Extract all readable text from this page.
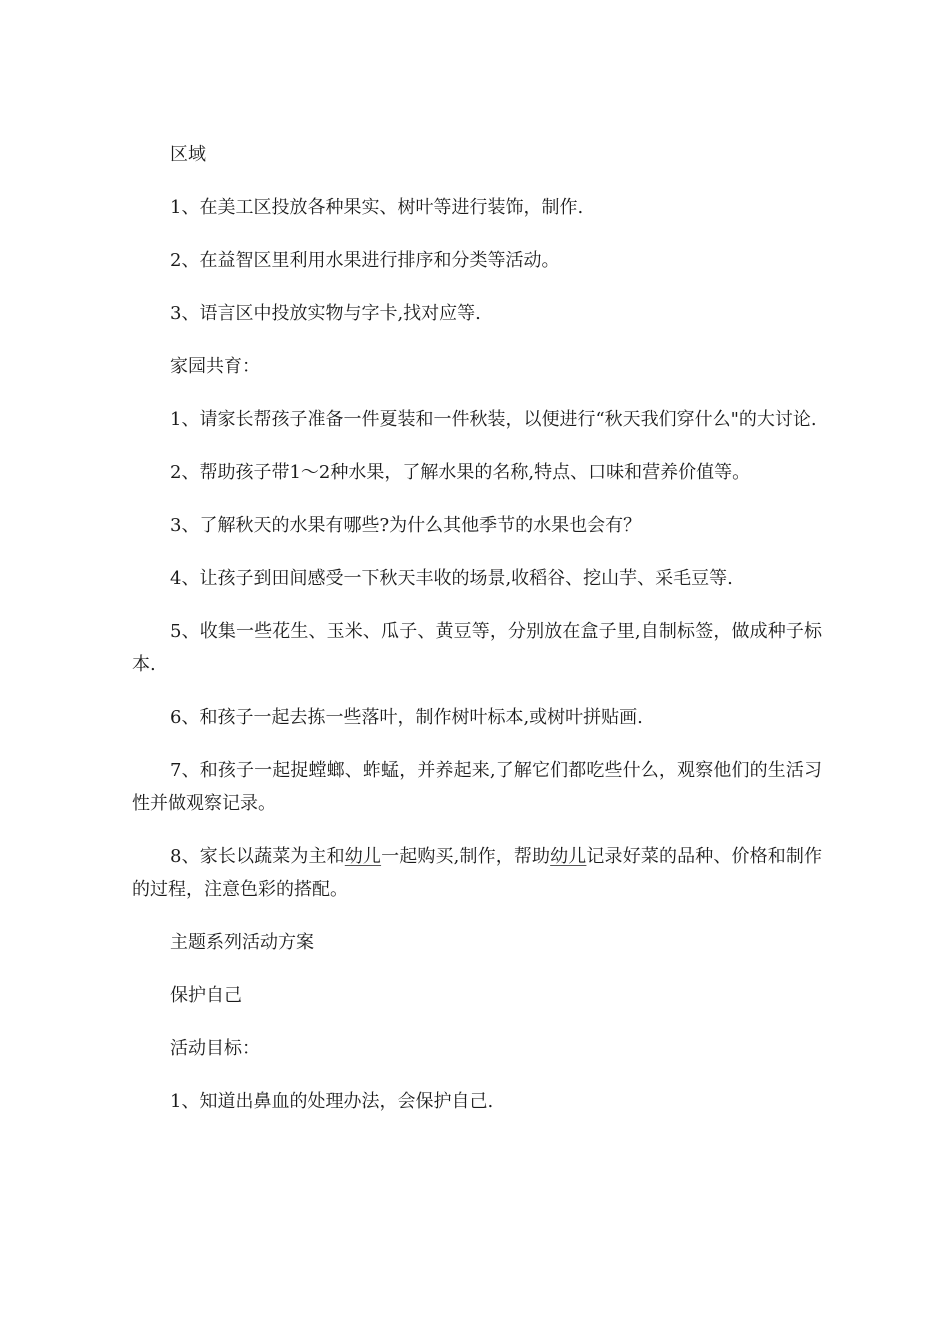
区域

1、在美工区投放各种果实、树叶等进行装饰，制作.

2、在益智区里利用水果进行排序和分类等活动。

3、语言区中投放实物与字卡,找对应等.

家园共育：

1、请家长帮孩子准备一件夏装和一件秋装，以便进行“秋天我们穿什么"的大讨论.

2、帮助孩子带1～2种水果，了解水果的名称,特点、口味和营养价值等。

3、了解秋天的水果有哪些?为什么其他季节的水果也会有？

4、让孩子到田间感受一下秋天丰收的场景,收稻谷、挖山芋、采毛豆等.

5、收集一些花生、玉米、瓜子、黄豆等，分别放在盒子里,自制标签，做成种子标本.

6、和孩子一起去拣一些落叶，制作树叶标本,或树叶拼贴画.

7、和孩子一起捉螳螂、蚱蜢，并养起来,了解它们都吃些什么，观察他们的生活习性并做观察记录。

8、家长以蔬菜为主和幼儿一起购买,制作，帮助幼儿记录好菜的品种、价格和制作的过程，注意色彩的搭配。

主题系列活动方案

保护自己

活动目标：

1、知道出鼻血的处理办法，会保护自己.
